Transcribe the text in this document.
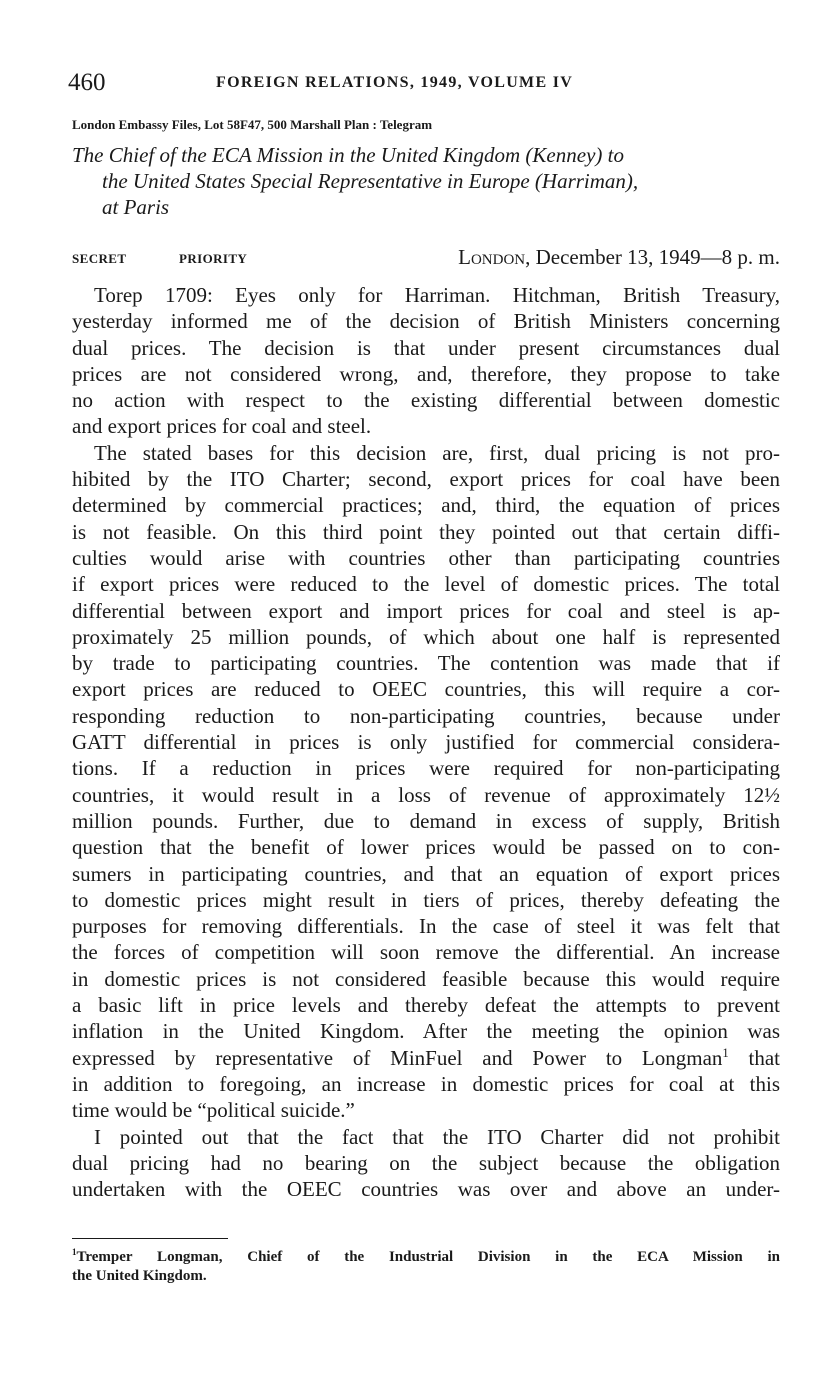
460	FOREIGN RELATIONS, 1949, VOLUME IV
London Embassy Files, Lot 58F47, 500 Marshall Plan : Telegram
The Chief of the ECA Mission in the United Kingdom (Kenney) to
the United States Special Representative in Europe (Harriman),
at Paris
SECRET	PRIORITY	London, December 13, 1949—8 p. m.
Torep 1709: Eyes only for Harriman. Hitchman, British Treasury,
yesterday informed me of the decision of British Ministers concerning
dual prices. The decision is that under present circumstances dual
prices are not considered wrong, and, therefore, they propose to take
no action with respect to the existing differential between domestic
and export prices for coal and steel.
The stated bases for this decision are, first, dual pricing is not pro-
hibited by the ITO Charter; second, export prices for coal have been
determined by commercial practices; and, third, the equation of prices
is not feasible. On this third point they pointed out that certain diffi-
culties would arise with countries other than participating countries
if export prices were reduced to the level of domestic prices. The total
differential between export and import prices for coal and steel is ap-
proximately 25 million pounds, of which about one half is represented
by trade to participating countries. The contention was made that if
export prices are reduced to OEEC countries, this will require a cor-
responding reduction to non-participating countries, because under
GATT differential in prices is only justified for commercial considera-
tions. If a reduction in prices were required for non-participating
countries, it would result in a loss of revenue of approximately 12½
million pounds. Further, due to demand in excess of supply, British
question that the benefit of lower prices would be passed on to con-
sumers in participating countries, and that an equation of export prices
to domestic prices might result in tiers of prices, thereby defeating the
purposes for removing differentials. In the case of steel it was felt that
the forces of competition will soon remove the differential. An increase
in domestic prices is not considered feasible because this would require
a basic lift in price levels and thereby defeat the attempts to prevent
inflation in the United Kingdom. After the meeting the opinion was
expressed by representative of MinFuel and Power to Longman$^1$ that
in addition to foregoing, an increase in domestic prices for coal at this
time would be “political suicide.”
I pointed out that the fact that the ITO Charter did not prohibit
dual pricing had no bearing on the subject because the obligation
undertaken with the OEEC countries was over and above an under-
$^1$Tremper Longman, Chief of the Industrial Division in the ECA Mission in
the United Kingdom.
